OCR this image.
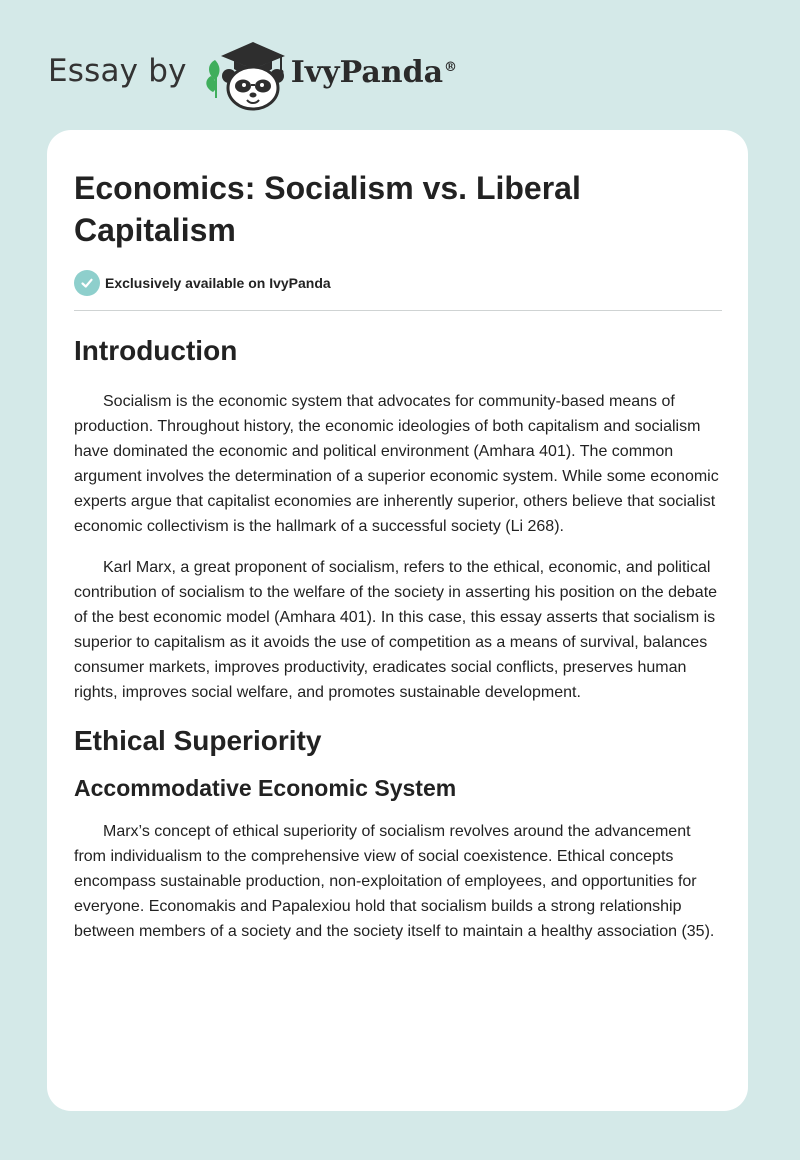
Essay by	IvyPanda®
Economics: Socialism vs. Liberal Capitalism
Exclusively available on IvyPanda
Introduction

Socialism is the economic system that advocates for community-based means of production. Throughout history, the economic ideologies of both capitalism and socialism have dominated the economic and political environment (Amhara 401). The common argument involves the determination of a superior economic system. While some economic experts argue that capitalist economies are inherently superior, others believe that socialist economic collectivism is the hallmark of a successful society (Li 268).

Karl Marx, a great proponent of socialism, refers to the ethical, economic, and political contribution of socialism to the welfare of the society in asserting his position on the debate of the best economic model (Amhara 401). In this case, this essay asserts that socialism is superior to capitalism as it avoids the use of competition as a means of survival, balances consumer markets, improves productivity, eradicates social conflicts, preserves human rights, improves social welfare, and promotes sustainable development.

Ethical Superiority
Accommodative Economic System

Marx’s concept of ethical superiority of socialism revolves around the advancement from individualism to the comprehensive view of social coexistence. Ethical concepts encompass sustainable production, non-exploitation of employees, and opportunities for everyone. Economakis and Papalexiou hold that socialism builds a strong relationship between members of a society and the society itself to maintain a healthy association (35).
